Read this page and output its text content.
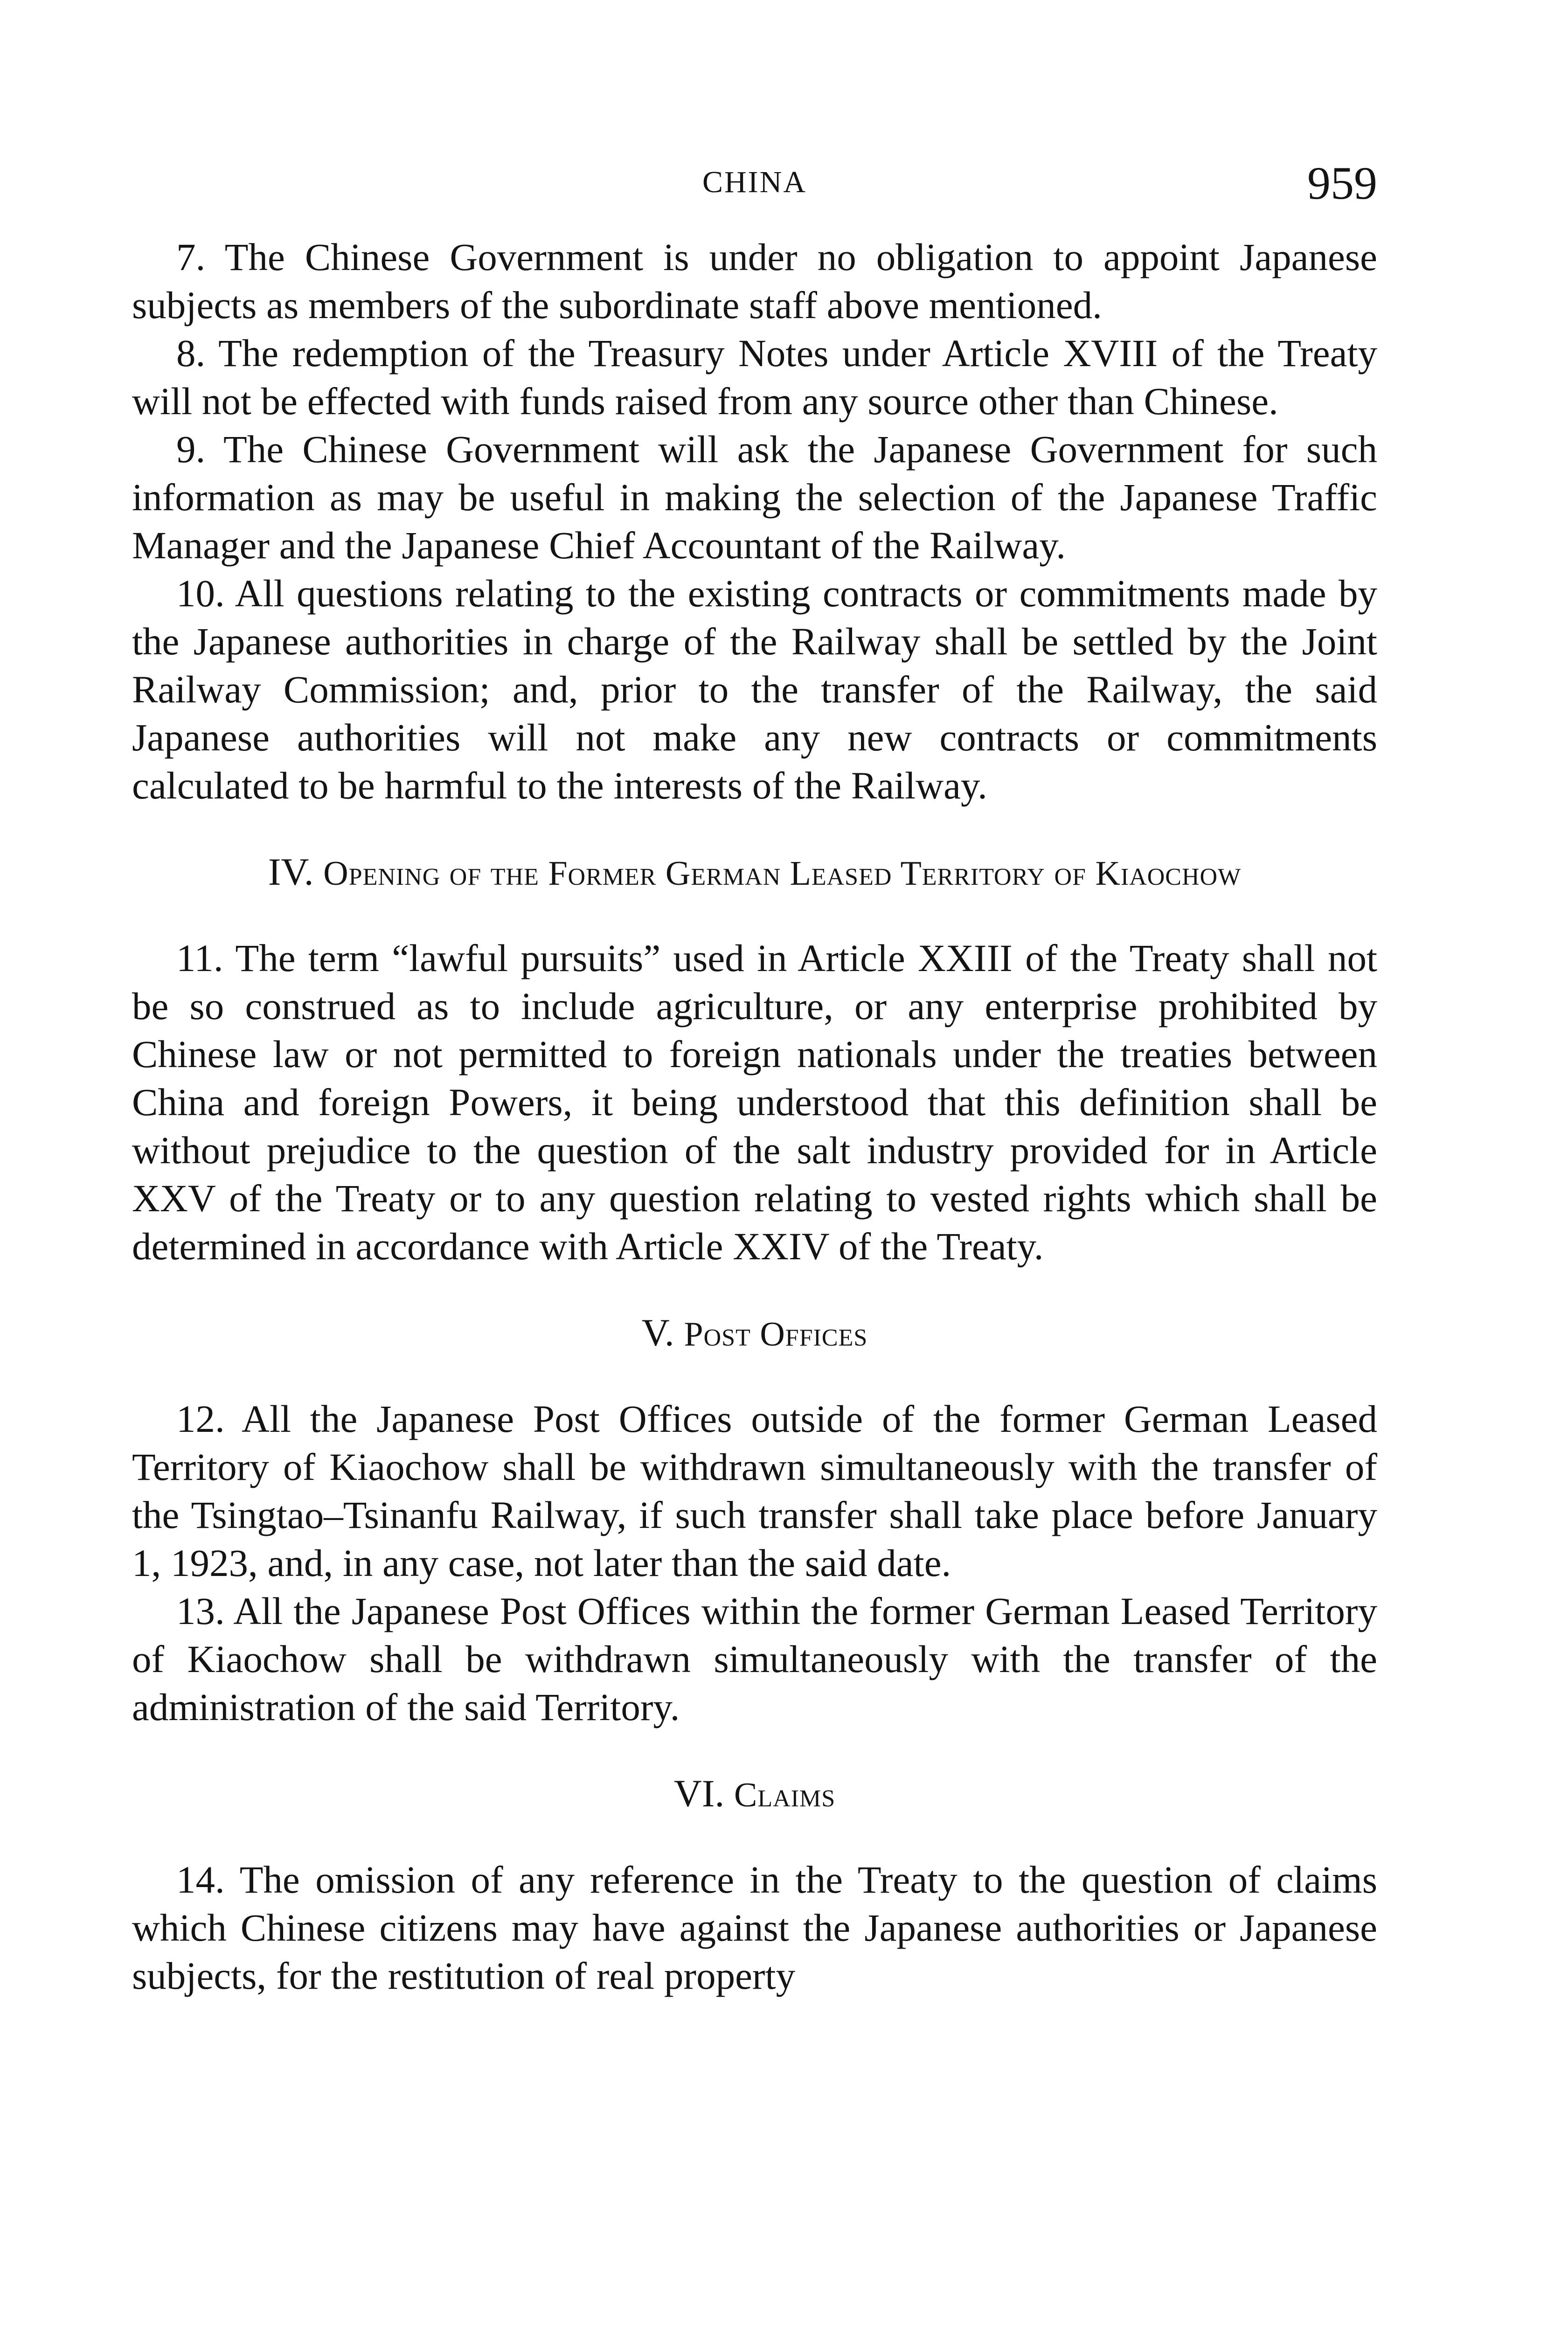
CHINA	959

7. The Chinese Government is under no obligation to appoint Japanese subjects as members of the subordinate staff above mentioned.

8. The redemption of the Treasury Notes under Article XVIII of the Treaty will not be effected with funds raised from any source other than Chinese.

9. The Chinese Government will ask the Japanese Government for such information as may be useful in making the selection of the Japanese Traffic Manager and the Japanese Chief Accountant of the Railway.

10. All questions relating to the existing contracts or commitments made by the Japanese authorities in charge of the Railway shall be settled by the Joint Railway Commission; and, prior to the transfer of the Railway, the said Japanese authorities will not make any new contracts or commitments calculated to be harmful to the interests of the Railway.

IV. Opening of the Former German Leased Territory of Kiaochow

11. The term “lawful pursuits” used in Article XXIII of the Treaty shall not be so construed as to include agriculture, or any enterprise prohibited by Chinese law or not permitted to foreign nationals under the treaties between China and foreign Powers, it being understood that this definition shall be without prejudice to the question of the salt industry provided for in Article XXV of the Treaty or to any question relating to vested rights which shall be determined in accordance with Article XXIV of the Treaty.

V. Post Offices

12. All the Japanese Post Offices outside of the former German Leased Territory of Kiaochow shall be withdrawn simultaneously with the transfer of the Tsingtao–Tsinanfu Railway, if such transfer shall take place before January 1, 1923, and, in any case, not later than the said date.

13. All the Japanese Post Offices within the former German Leased Territory of Kiaochow shall be withdrawn simultaneously with the transfer of the administration of the said Territory.

VI. Claims

14. The omission of any reference in the Treaty to the question of claims which Chinese citizens may have against the Japanese authorities or Japanese subjects, for the restitution of real property
